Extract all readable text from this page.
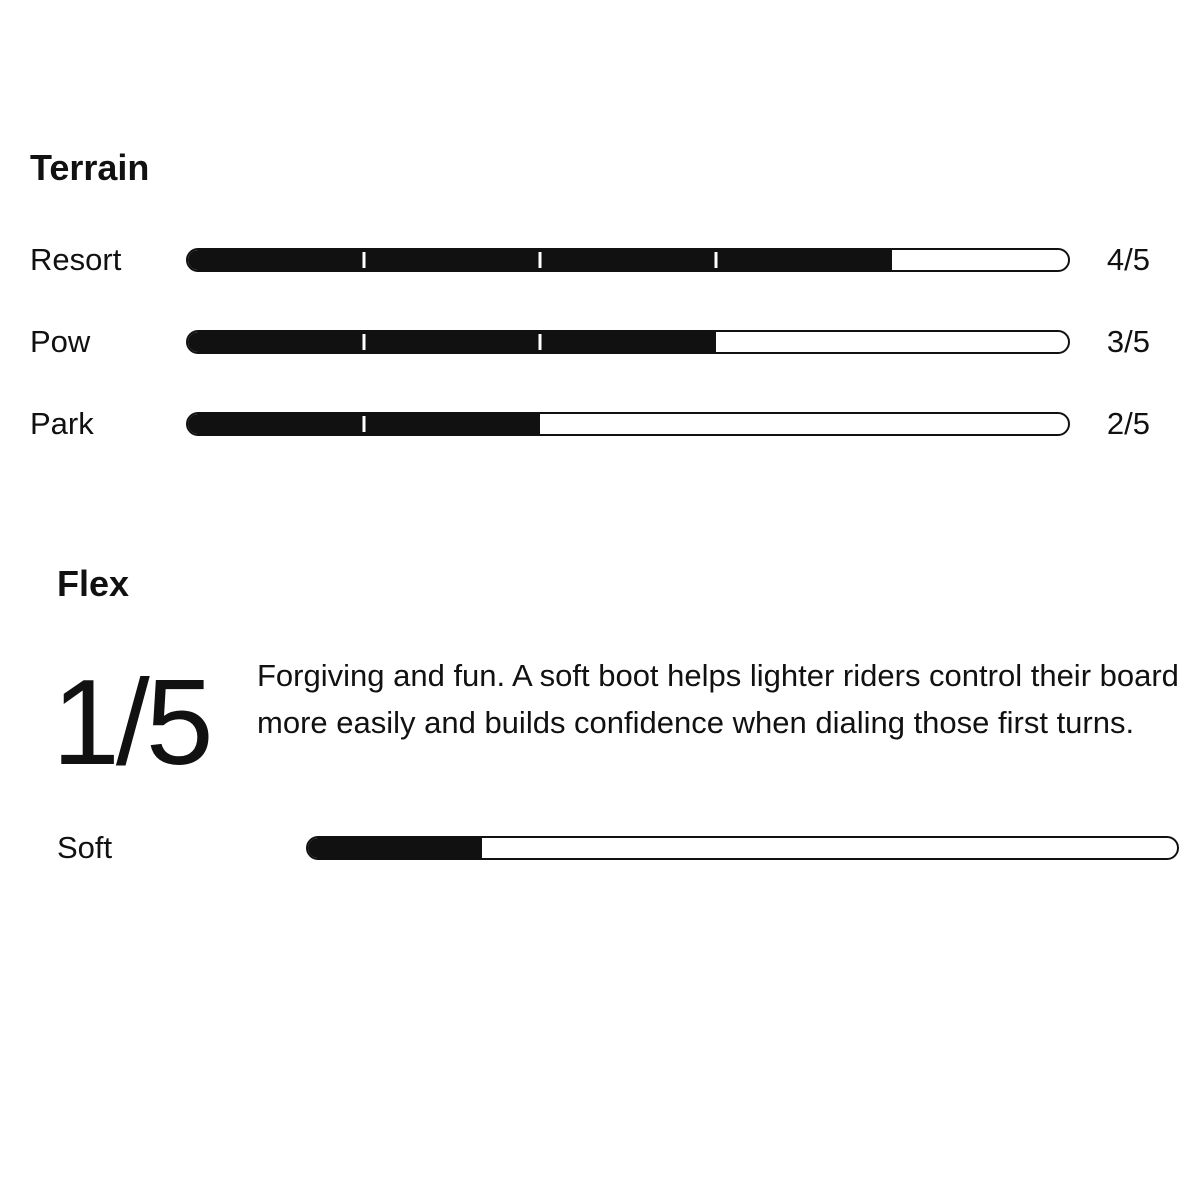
Terrain
Resort	4/5
Pow	3/5
Park	2/5
Flex
1/5 Forgiving and fun. A soft boot helps lighter riders control their board more easily and builds confidence when dialing those first turns.

Soft
